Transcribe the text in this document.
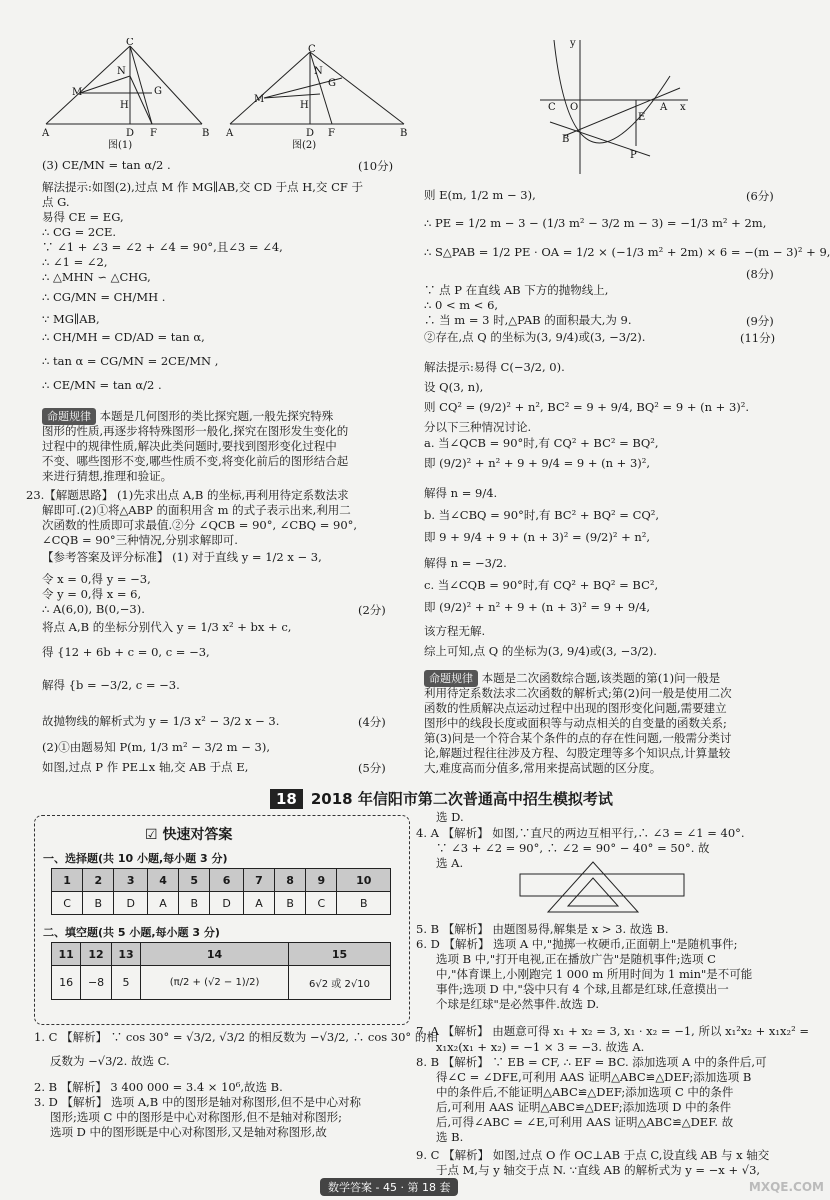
C
N
M
H
G
A	D F	B
图(1)
C
N
M
G
H
A	D F	B
图(2)
y
C O	A x
E
B
P
(3) CE/MN = tan α/2 .	(10分)
解法提示:如图(2),过点 M 作 MG∥AB,交 CD 于点 H,交 CF 于
点 G.
易得 CE = EG,
∴ CG = 2CE.
∵ ∠1 + ∠3 = ∠2 + ∠4 = 90°,且∠3 = ∠4,
∴ ∠1 = ∠2,
∴ △MHN ∽ △CHG,
∴ CG/MN = CH/MH .
∵ MG∥AB,
∴ CH/MH = CD/AD = tan α,
∴ tan α = CG/MN = 2CE/MN ,
∴ CE/MN = tan α/2 .
命题规律 本题是几何图形的类比探究题,一般先探究特殊
图形的性质,再逐步将特殊图形一般化,探究在图形发生变化的
过程中的规律性质,解决此类问题时,要找到图形变化过程中
不变、哪些图形不变,哪些性质不变,将变化前后的图形结合起
来进行猜想,推理和验证。
23.【解题思路】 (1)先求出点 A,B 的坐标,再利用待定系数法求
解即可.(2)①将△ABP 的面积用含 m 的式子表示出来,利用二
次函数的性质即可求最值.②分 ∠QCB = 90°, ∠CBQ = 90°,
∠CQB = 90°三种情况,分别求解即可.
【参考答案及评分标准】 (1) 对于直线 y = 1/2 x − 3,
令 x = 0,得 y = −3,
令 y = 0,得 x = 6,
∴ A(6,0), B(0,−3).	(2分)
将点 A,B 的坐标分别代入 y = 1/3 x² + bx + c,
得 {12 + 6b + c = 0, c = −3,
解得 {b = −3/2, c = −3.
故抛物线的解析式为 y = 1/3 x² − 3/2 x − 3.	(4分)
(2)①由题易知 P(m, 1/3 m² − 3/2 m − 3),
如图,过点 P 作 PE⊥x 轴,交 AB 于点 E,	(5分)
则 E(m, 1/2 m − 3),	(6分)
∴ PE = 1/2 m − 3 − (1/3 m² − 3/2 m − 3) = −1/3 m² + 2m,
∴ S△PAB = 1/2 PE · OA = 1/2 × (−1/3 m² + 2m) × 6 = −(m − 3)² + 9,
(8分)
∵ 点 P 在直线 AB 下方的抛物线上,
∴ 0 < m < 6,
∴ 当 m = 3 时,△PAB 的面积最大,为 9.	(9分)
②存在,点 Q 的坐标为(3, 9/4)或(3, −3/2).	(11分)
解法提示:易得 C(−3/2, 0).
设 Q(3, n),
则 CQ² = (9/2)² + n², BC² = 9 + 9/4, BQ² = 9 + (n + 3)².
分以下三种情况讨论.
a. 当∠QCB = 90°时,有 CQ² + BC² = BQ²,
即 (9/2)² + n² + 9 + 9/4 = 9 + (n + 3)²,
解得 n = 9/4.
b. 当∠CBQ = 90°时,有 BC² + BQ² = CQ²,
即 9 + 9/4 + 9 + (n + 3)² = (9/2)² + n²,
解得 n = −3/2.
c. 当∠CQB = 90°时,有 CQ² + BQ² = BC²,
即 (9/2)² + n² + 9 + (n + 3)² = 9 + 9/4,
该方程无解.
综上可知,点 Q 的坐标为(3, 9/4)或(3, −3/2).
命题规律 本题是二次函数综合题,该类题的第(1)问一般是
利用待定系数法求二次函数的解析式;第(2)问一般是使用二次
函数的性质解决点运动过程中出现的图形变化问题,需要建立
图形中的线段长度或面积等与动点相关的自变量的函数关系;
第(3)问是一个符合某个条件的点的存在性问题,一般需分类讨
论,解题过程往往涉及方程、勾股定理等多个知识点,计算量较
大,难度高而分值多,常用来提高试题的区分度。
18 2018 年信阳市第二次普通高中招生模拟考试
☑ 快速对答案
一、选择题(共 10 小题,每小题 3 分)
1	2	3	4	5	6	7	8	9	10
C	B	D	A	B	D	A	B	C	B
二、填空题(共 5 小题,每小题 3 分)
11	12	13	14	15
16	−8	5	(π/2 + (√2 − 1)/2)	6√2 或 2√10
1. C 【解析】 ∵ cos 30° = √3/2, √3/2 的相反数为 −√3/2, ∴ cos 30° 的相
反数为 −√3/2. 故选 C.
2. B 【解析】 3 400 000 = 3.4 × 10⁶,故选 B.
3. D 【解析】 选项 A,B 中的图形是轴对称图形,但不是中心对称
图形;选项 C 中的图形是中心对称图形,但不是轴对称图形;
选项 D 中的图形既是中心对称图形,又是轴对称图形,故
选 D.
4. A 【解析】 如图,∵直尺的两边互相平行,∴ ∠3 = ∠1 = 40°.
∵ ∠3 + ∠2 = 90°, ∴ ∠2 = 90° − 40° = 50°. 故
选 A.
5. B 【解析】 由题图易得,解集是 x > 3. 故选 B.
6. D 【解析】 选项 A 中,"抛掷一枚硬币,正面朝上"是随机事件;
选项 B 中,"打开电视,正在播放广告"是随机事件;选项 C
中,"体育课上,小刚跑完 1 000 m 所用时间为 1 min"是不可能
事件;选项 D 中,"袋中只有 4 个球,且都是红球,任意摸出一
个球是红球"是必然事件.故选 D.
7. A 【解析】 由题意可得 x₁ + x₂ = 3, x₁ · x₂ = −1, 所以 x₁²x₂ + x₁x₂² =
x₁x₂(x₁ + x₂) = −1 × 3 = −3. 故选 A.
8. B 【解析】 ∵ EB = CF, ∴ EF = BC. 添加选项 A 中的条件后,可
得∠C = ∠DFE,可利用 AAS 证明△ABC≌△DEF;添加选项 B
中的条件后,不能证明△ABC≌△DEF;添加选项 C 中的条件
后,可利用 AAS 证明△ABC≌△DEF;添加选项 D 中的条件
后,可得∠ABC = ∠E,可利用 AAS 证明△ABC≌△DEF. 故
选 B.
9. C 【解析】 如图,过点 O 作 OC⊥AB 于点 C,设直线 AB 与 x 轴交
于点 M,与 y 轴交于点 N. ∵直线 AB 的解析式为 y = −x + √3,
数学答案 - 45 · 第 18 套	MXQE.COM
